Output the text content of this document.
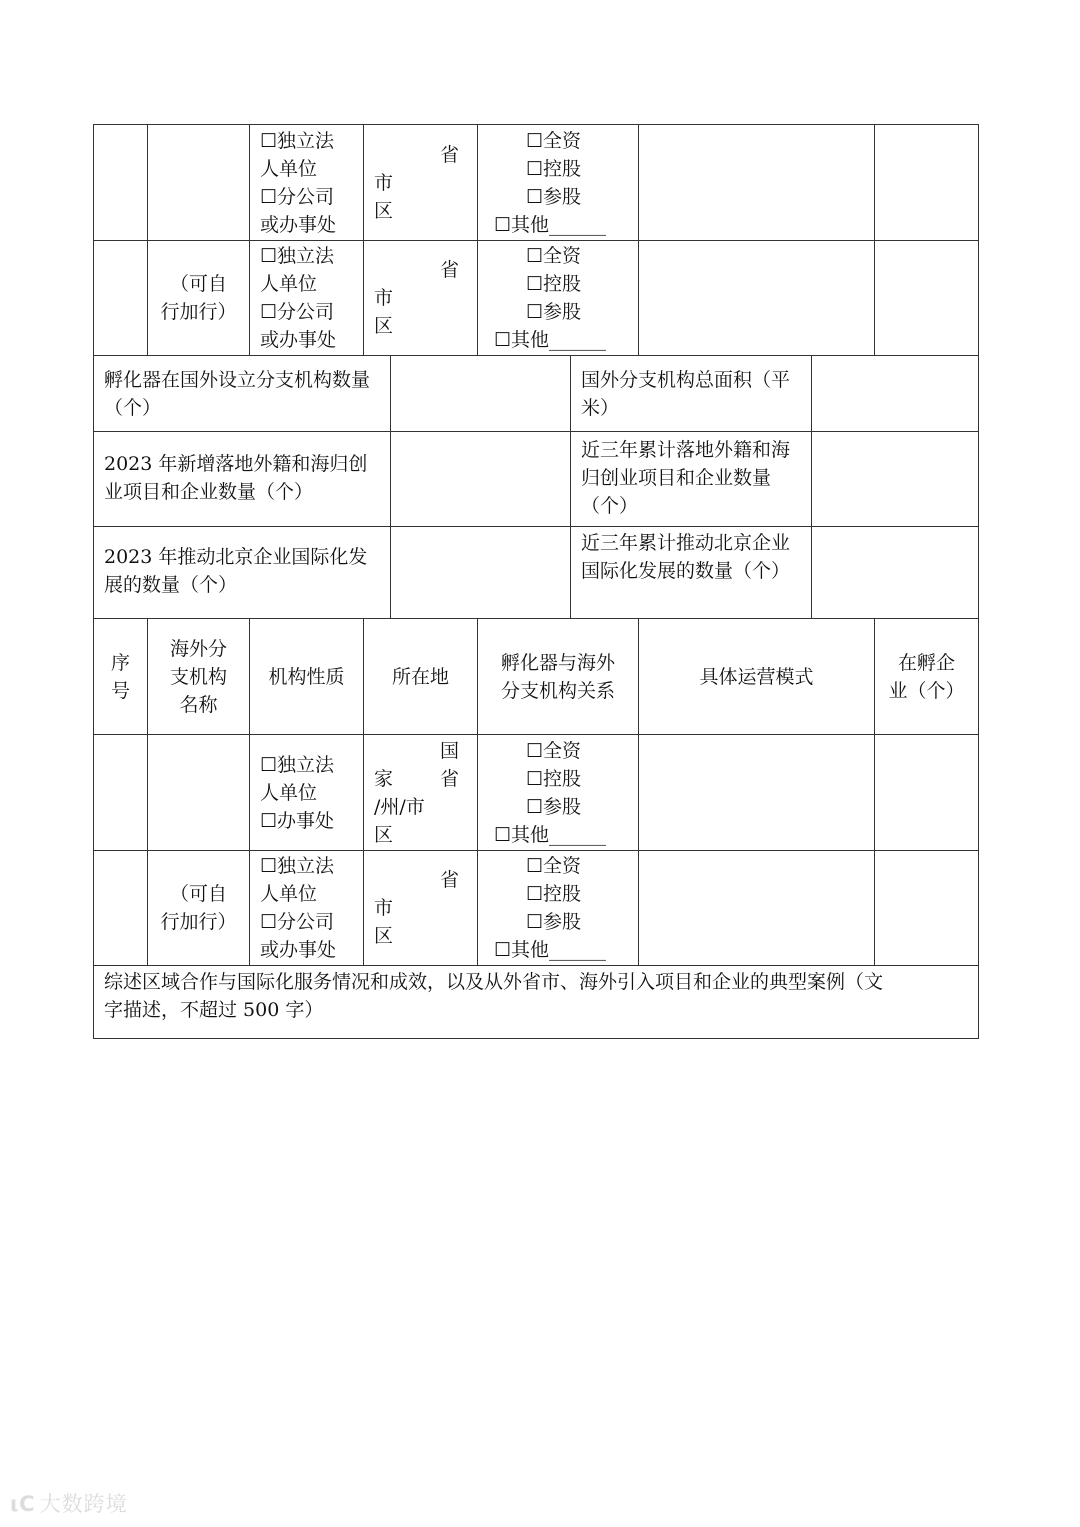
☐独立法
人单位
☐分公司
或办事处
省
市
区
☐全资
☐控股
☐参股
☐其他______
（可自
行加行）
☐独立法
人单位
☐分公司
或办事处
省
市
区
☐全资
☐控股
☐参股
☐其他______
孵化器在国外设立分支机构数量（个）
国外分支机构总面积（平米）
2023 年新增落地外籍和海归创业项目和企业数量（个）
近三年累计落地外籍和海归创业项目和企业数量（个）
2023 年推动北京企业国际化发展的数量（个）
近三年累计推动北京企业国际化发展的数量（个）
序
号
海外分
支机构
名称
机构性质	所在地
孵化器与海外
分支机构关系
具体运营模式
在孵企
业（个）
☐独立法
人单位
☐办事处
国
家 省
/州/市
区
☐全资
☐控股
☐参股
☐其他______
（可自
行加行）
☐独立法
人单位
☐分公司
或办事处
省
市
区
☐全资
☐控股
☐参股
☐其他______
综述区域合作与国际化服务情况和成效，以及从外省市、海外引入项目和企业的典型案例（文
字描述，不超过 500 字）
ιC 大数跨境
